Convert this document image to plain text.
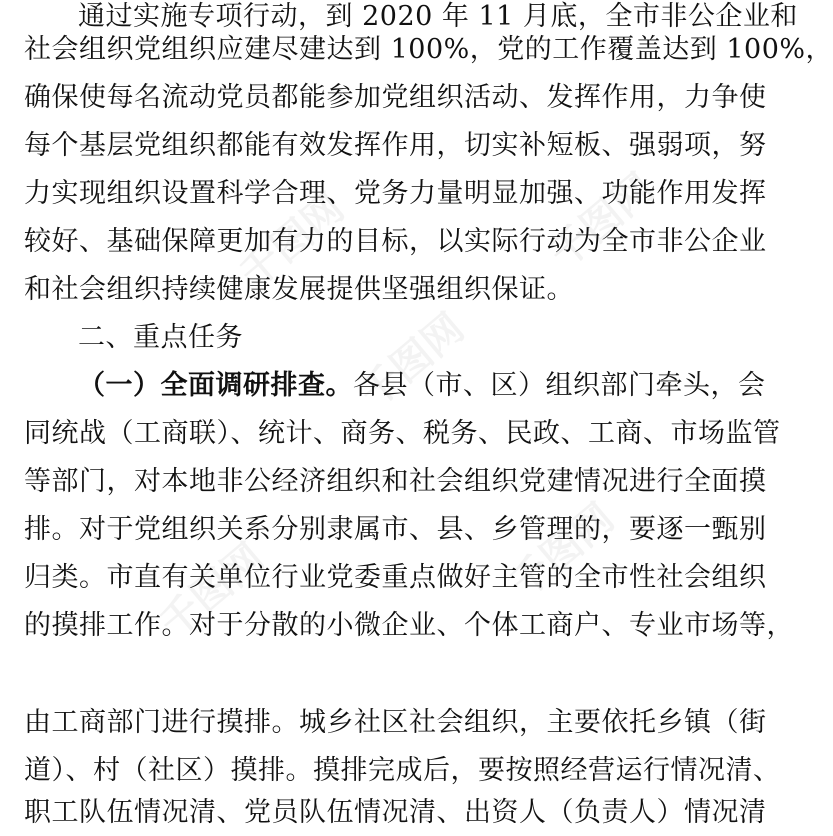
千图网	千图网
千图网
千图网	千图网
通过实施专项行动，到 2020 年 11 月底，全市非公企业和
社会组织党组织应建尽建达到 100%，党的工作覆盖达到 100%，
确保使每名流动党员都能参加党组织活动、发挥作用，力争使
每个基层党组织都能有效发挥作用，切实补短板、强弱项，努
力实现组织设置科学合理、党务力量明显加强、功能作用发挥
较好、基础保障更加有力的目标，以实际行动为全市非公企业
和社会组织持续健康发展提供坚强组织保证。
二、重点任务
（一）全面调研排查。各县（市、区）组织部门牵头，会
同统战（工商联）、统计、商务、税务、民政、工商、市场监管
等部门，对本地非公经济组织和社会组织党建情况进行全面摸
排。对于党组织关系分别隶属市、县、乡管理的，要逐一甄别
归类。市直有关单位行业党委重点做好主管的全市性社会组织
的摸排工作。对于分散的小微企业、个体工商户、专业市场等，
由工商部门进行摸排。城乡社区社会组织，主要依托乡镇（街
道）、村（社区）摸排。摸排完成后，要按照经营运行情况清、
职工队伍情况清、党员队伍情况清、出资人（负责人）情况清
